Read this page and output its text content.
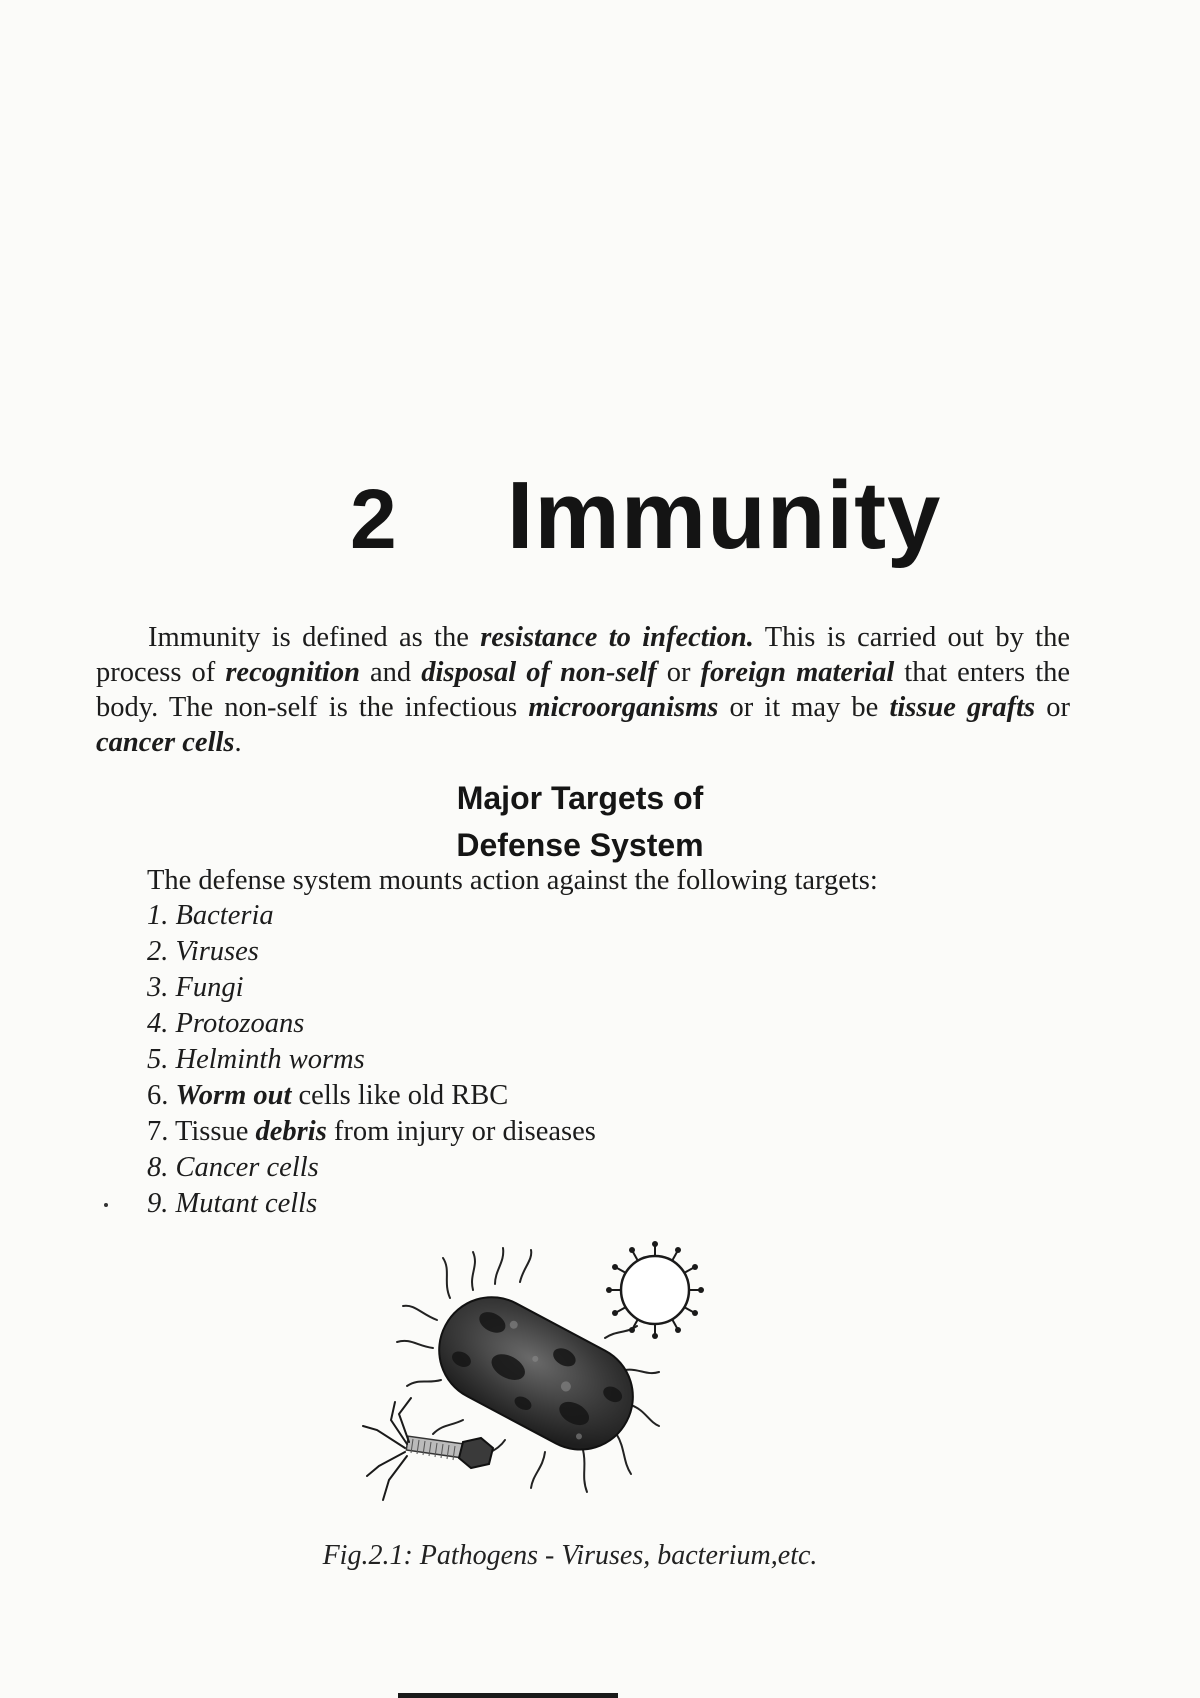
2 Immunity

Immunity is defined as the resistance to infection. This is carried out by the process of recognition and disposal of non-self or foreign material that enters the body. The non-self is the infectious microorganisms or it may be tissue grafts or cancer cells.

Major Targets of
Defense System

The defense system mounts action against the following targets:

1. Bacteria
2. Viruses
3. Fungi
4. Protozoans
5. Helminth worms
6. Worm out cells like old RBC
7. Tissue debris from injury or diseases
8. Cancer cells
9. Mutant cells

Fig.2.1: Pathogens - Viruses, bacterium,etc.
